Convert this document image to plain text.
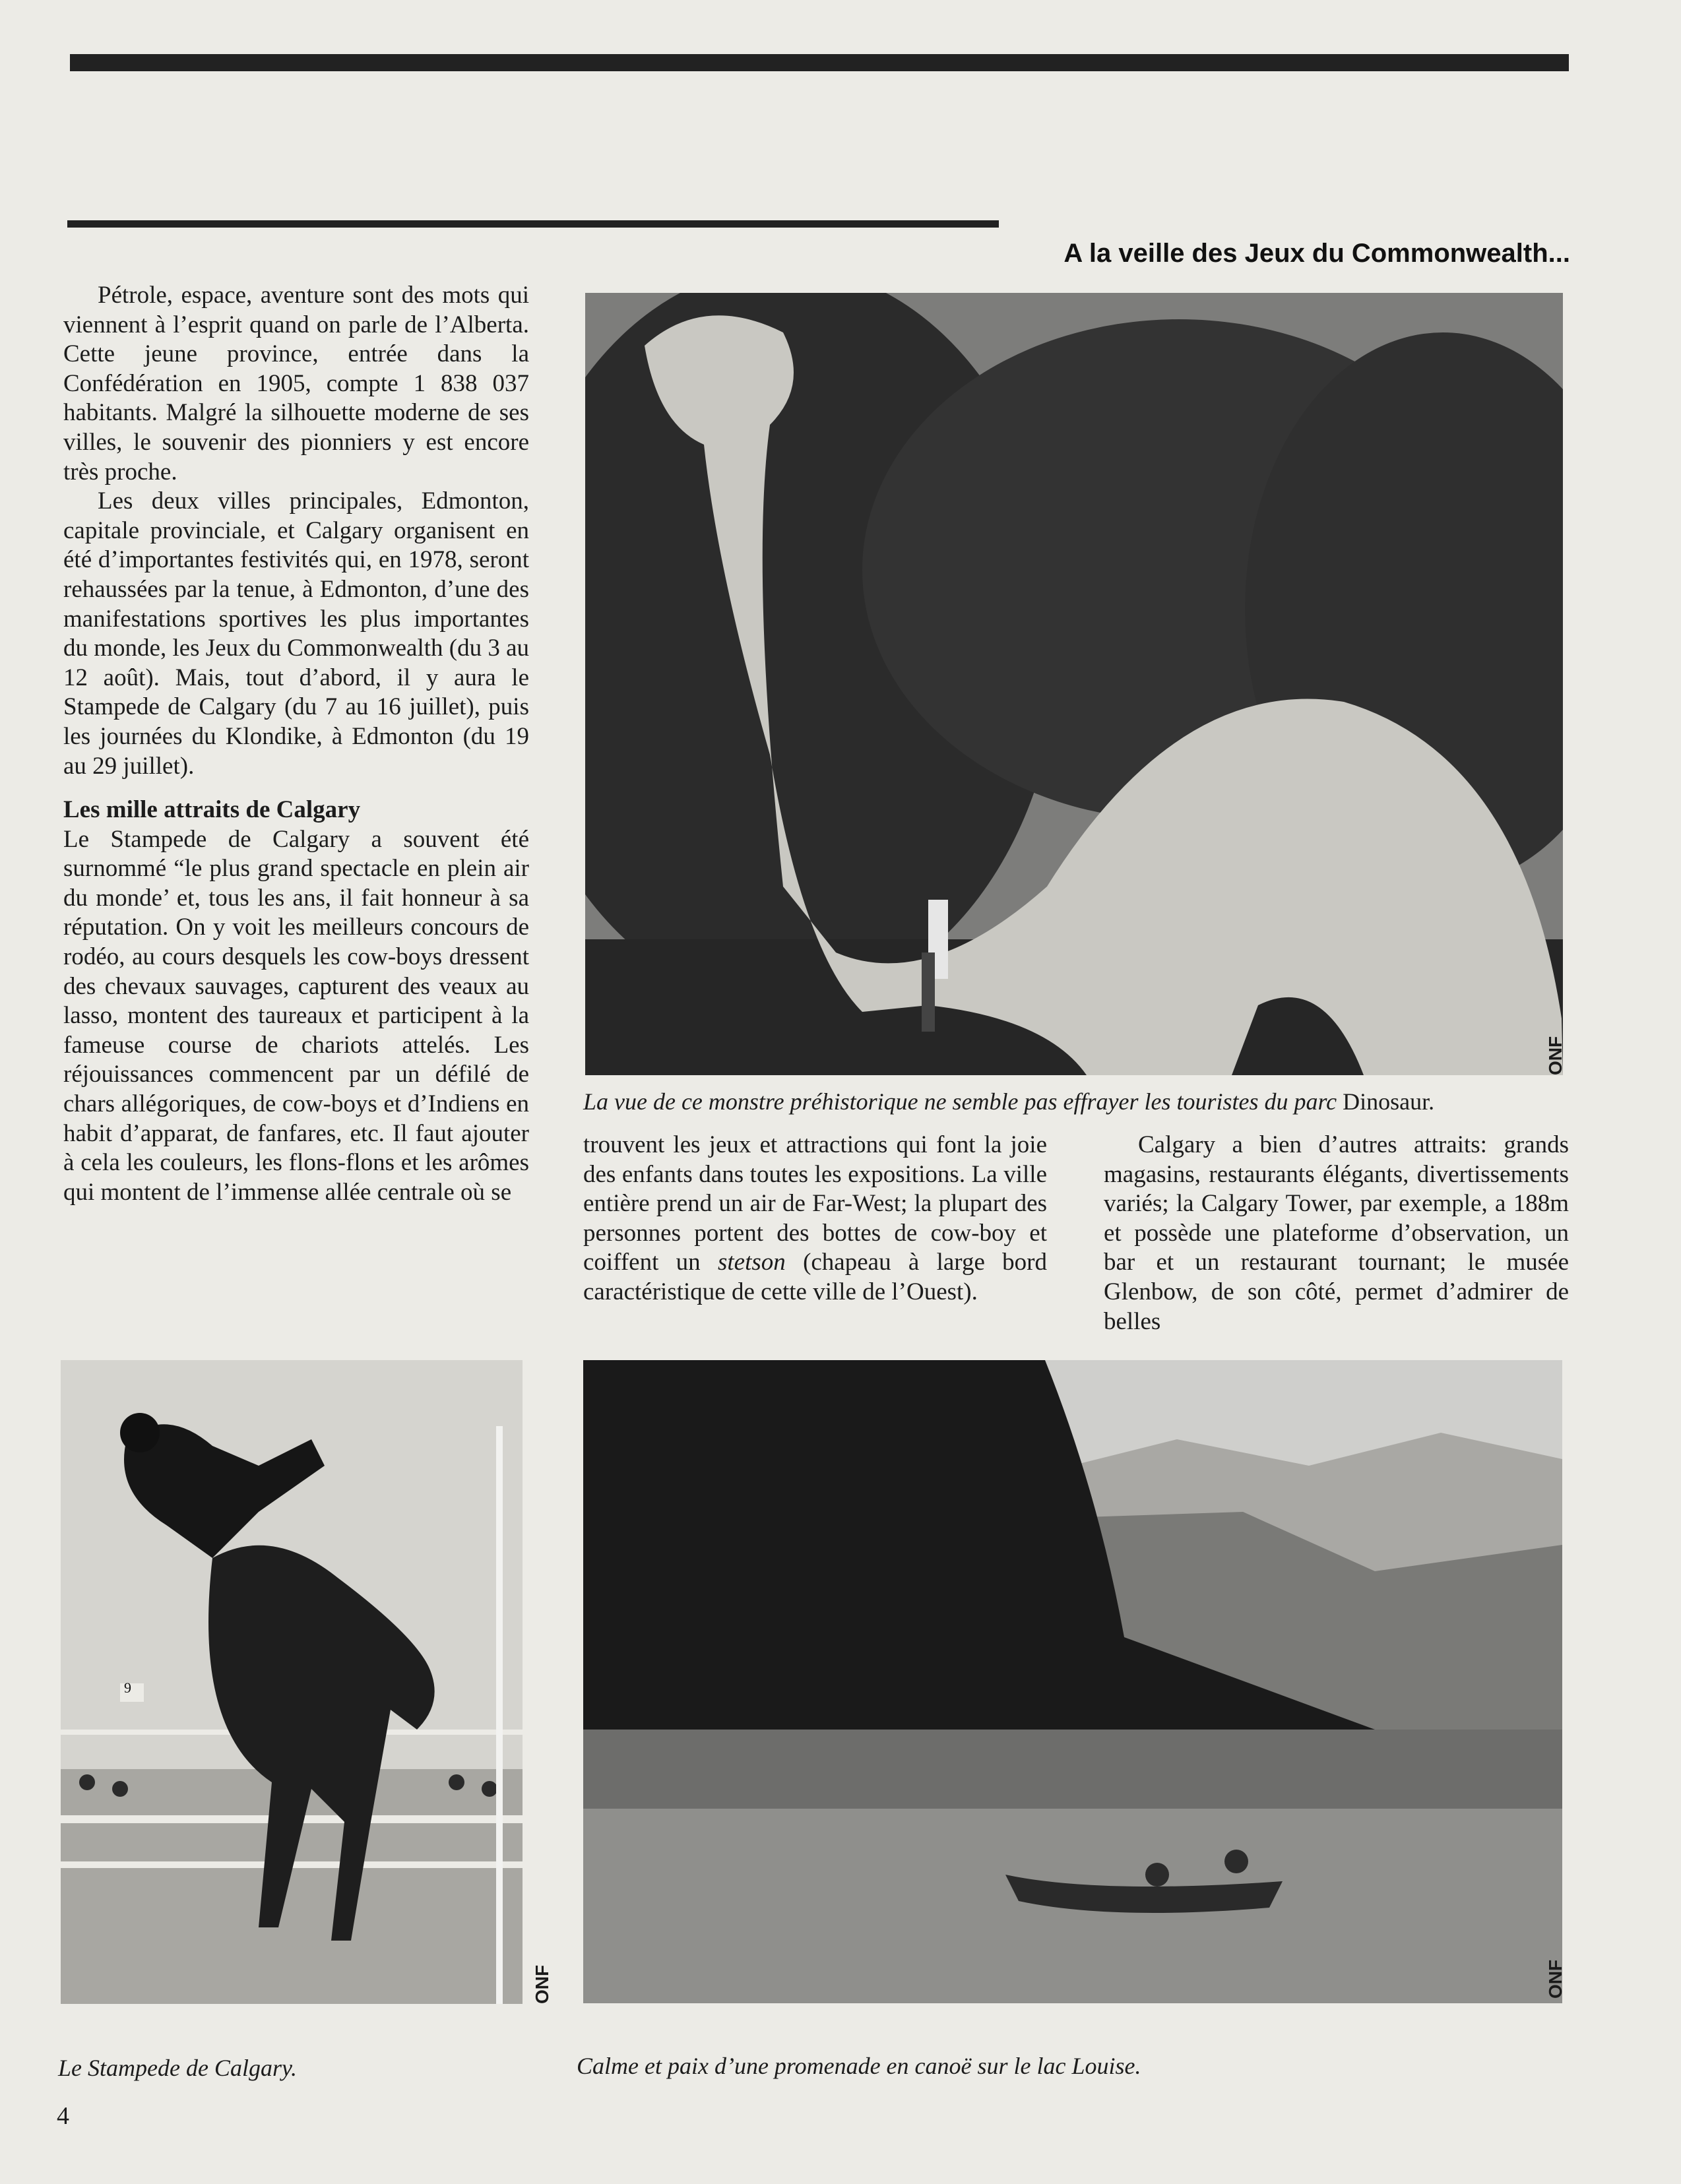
A la veille des Jeux du Commonwealth...

Pétrole, espace, aventure sont des mots qui viennent à l’esprit quand on parle de l’Alberta. Cette jeune province, entrée dans la Confédération en 1905, compte 1 838 037 habitants. Malgré la silhouette moderne de ses villes, le souvenir des pionniers y est encore très proche.

Les deux villes principales, Edmonton, capitale provinciale, et Calgary organisent en été d’importantes festivités qui, en 1978, seront rehaussées par la tenue, à Edmonton, d’une des manifestations sportives les plus importantes du monde, les Jeux du Commonwealth (du 3 au 12 août). Mais, tout d’abord, il y aura le Stampede de Calgary (du 7 au 16 juillet), puis les journées du Klondike, à Edmonton (du 19 au 29 juillet).

Les mille attraits de Calgary

Le Stampede de Calgary a souvent été surnommé “le plus grand spectacle en plein air du monde’ et, tous les ans, il fait honneur à sa réputation. On y voit les meilleurs concours de rodéo, au cours desquels les cow-boys dressent des chevaux sauvages, capturent des veaux au lasso, montent des taureaux et participent à la fameuse course de chariots attelés. Les réjouissances commencent par un défilé de chars allégoriques, de cow-boys et d’Indiens en habit d’apparat, de fanfares, etc. Il faut ajouter à cela les couleurs, les flons-flons et les arômes qui montent de l’immense allée centrale où se

ONF
La vue de ce monstre préhistorique ne semble pas effrayer les touristes du parc Dinosaur.

trouvent les jeux et attractions qui font la joie des enfants dans toutes les expositions. La ville entière prend un air de Far-West; la plupart des personnes portent des bottes de cow-boy et coiffent un stetson (chapeau à large bord caractéristique de cette ville de l’Ouest).

Calgary a bien d’autres attraits: grands magasins, restaurants élégants, divertissements variés; la Calgary Tower, par exemple, a 188m et possède une plateforme d’observation, un bar et un restaurant tournant; le musée Glenbow, de son côté, permet d’admirer de belles

9
ONF
Le Stampede de Calgary.
ONF
Calme et paix d’une promenade en canoë sur le lac Louise.
4
